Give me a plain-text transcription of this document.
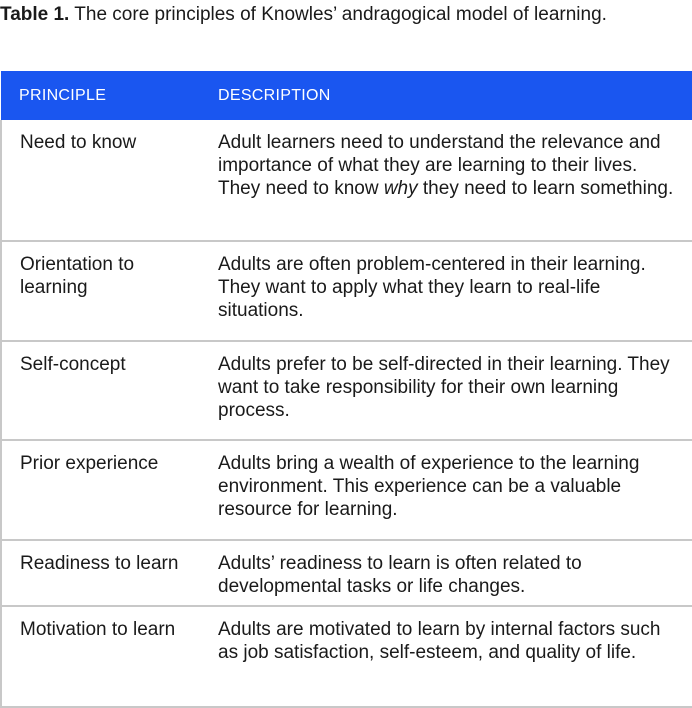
Table 1. The core principles of Knowles’ andragogical model of learning.

PRINCIPLE	DESCRIPTION
Need to know	Adult learners need to understand the relevance and importance of what they are learning to their lives. They need to know why they need to learn something.
Orientation to learning	Adults are often problem-centered in their learning. They want to apply what they learn to real-life situations.
Self-concept	Adults prefer to be self-directed in their learning. They want to take responsibility for their own learning process.
Prior experience	Adults bring a wealth of experience to the learning environment. This experience can be a valuable resource for learning.
Readiness to learn	Adults’ readiness to learn is often related to developmental tasks or life changes.
Motivation to learn	Adults are motivated to learn by internal factors such as job satisfaction, self-esteem, and quality of life.
